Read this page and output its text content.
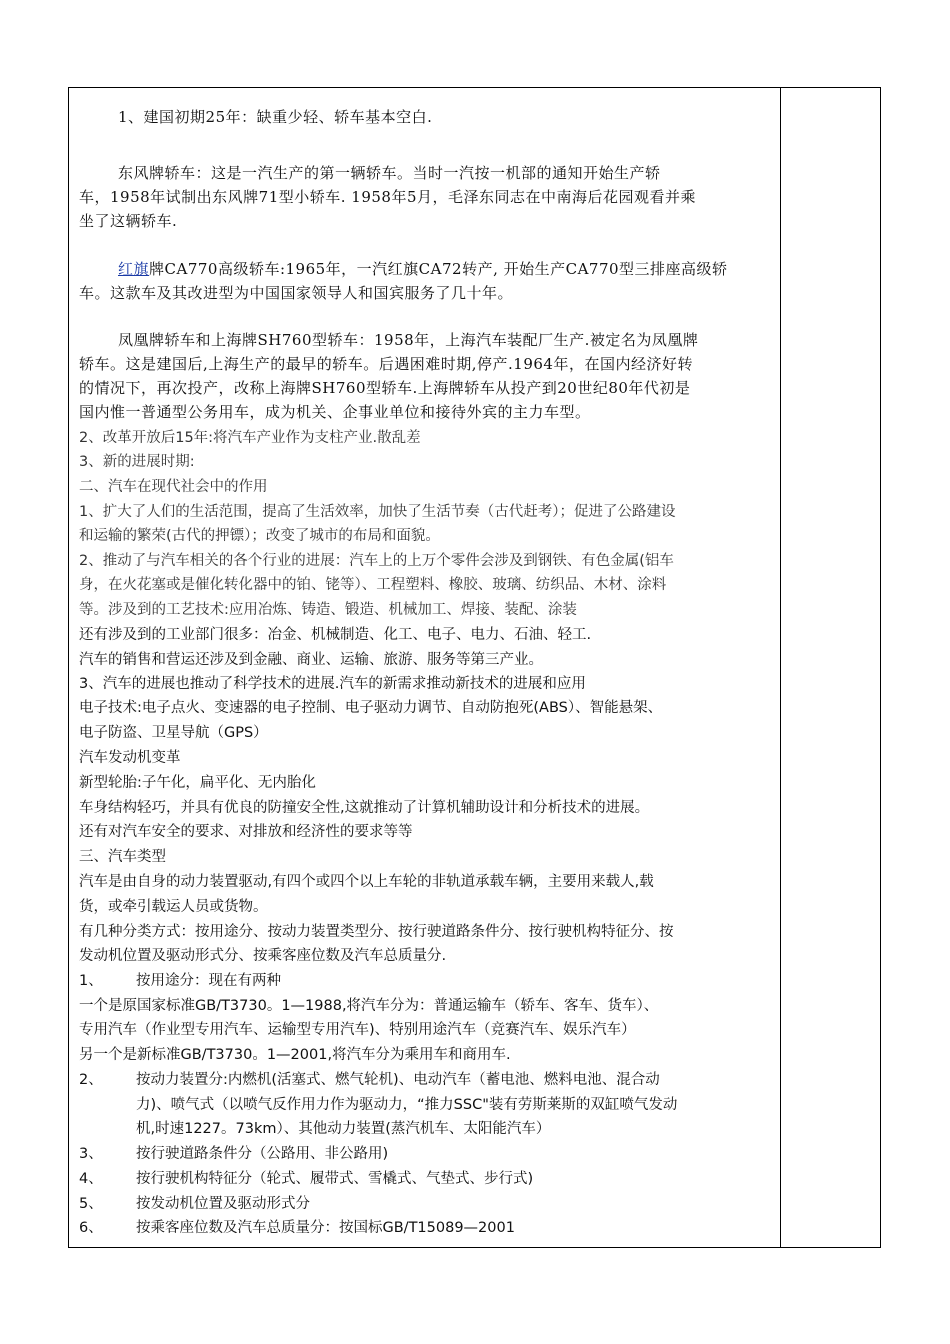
1、建国初期25年：缺重少轻、轿车基本空白.
东风牌轿车：这是一汽生产的第一辆轿车。当时一汽按一机部的通知开始生产轿
车，1958年试制出东风牌71型小轿车. 1958年5月，毛泽东同志在中南海后花园观看并乘
坐了这辆轿车.
红旗牌CA770高级轿车:1965年，一汽红旗CA72转产, 开始生产CA770型三排座高级轿
车。这款车及其改进型为中国国家领导人和国宾服务了几十年。
凤凰牌轿车和上海牌SH760型轿车：1958年，上海汽车装配厂生产.被定名为凤凰牌
轿车。这是建国后,上海生产的最早的轿车。后遇困难时期,停产.1964年，在国内经济好转
的情况下，再次投产，改称上海牌SH760型轿车.上海牌轿车从投产到20世纪80年代初是
国内惟一普通型公务用车，成为机关、企事业单位和接待外宾的主力车型。
2、改革开放后15年:将汽车产业作为支柱产业.散乱差
3、新的进展时期:
二、汽车在现代社会中的作用
1、扩大了人们的生活范围，提高了生活效率，加快了生活节奏（古代赶考）；促进了公路建设
和运输的繁荣(古代的押镖）；改变了城市的布局和面貌。
2、推动了与汽车相关的各个行业的进展：汽车上的上万个零件会涉及到钢铁、有色金属(铝车
身，在火花塞或是催化转化器中的铂、铑等）、工程塑料、橡胶、玻璃、纺织品、木材、涂料
等。涉及到的工艺技术:应用冶炼、铸造、锻造、机械加工、焊接、装配、涂装
还有涉及到的工业部门很多：冶金、机械制造、化工、电子、电力、石油、轻工.
汽车的销售和营运还涉及到金融、商业、运输、旅游、服务等第三产业。
3、汽车的进展也推动了科学技术的进展.汽车的新需求推动新技术的进展和应用
电子技术:电子点火、变速器的电子控制、电子驱动力调节、自动防抱死(ABS）、智能悬架、
电子防盗、卫星导航（GPS）
汽车发动机变革
新型轮胎:子午化，扁平化、无内胎化
车身结构轻巧，并具有优良的防撞安全性,这就推动了计算机辅助设计和分析技术的进展。
还有对汽车安全的要求、对排放和经济性的要求等等
三、汽车类型
汽车是由自身的动力装置驱动,有四个或四个以上车轮的非轨道承载车辆，主要用来载人,载
货，或牵引载运人员或货物。
有几种分类方式：按用途分、按动力装置类型分、按行驶道路条件分、按行驶机构特征分、按
发动机位置及驱动形式分、按乘客座位数及汽车总质量分.
1、 按用途分：现在有两种
一个是原国家标准GB/T3730。1—1988,将汽车分为：普通运输车（轿车、客车、货车）、
专用汽车（作业型专用汽车、运输型专用汽车)、特别用途汽车（竞赛汽车、娱乐汽车）
另一个是新标准GB/T3730。1—2001,将汽车分为乘用车和商用车.
2、 按动力装置分:内燃机(活塞式、燃气轮机)、电动汽车（蓄电池、燃料电池、混合动
力)、喷气式（以喷气反作用力作为驱动力，“推力SSC"装有劳斯莱斯的双缸喷气发动
机,时速1227。73km）、其他动力装置(蒸汽机车、太阳能汽车）
3、 按行驶道路条件分（公路用、非公路用)
4、 按行驶机构特征分（轮式、履带式、雪橇式、气垫式、步行式)
5、 按发动机位置及驱动形式分
6、 按乘客座位数及汽车总质量分：按国标GB/T15089—2001
